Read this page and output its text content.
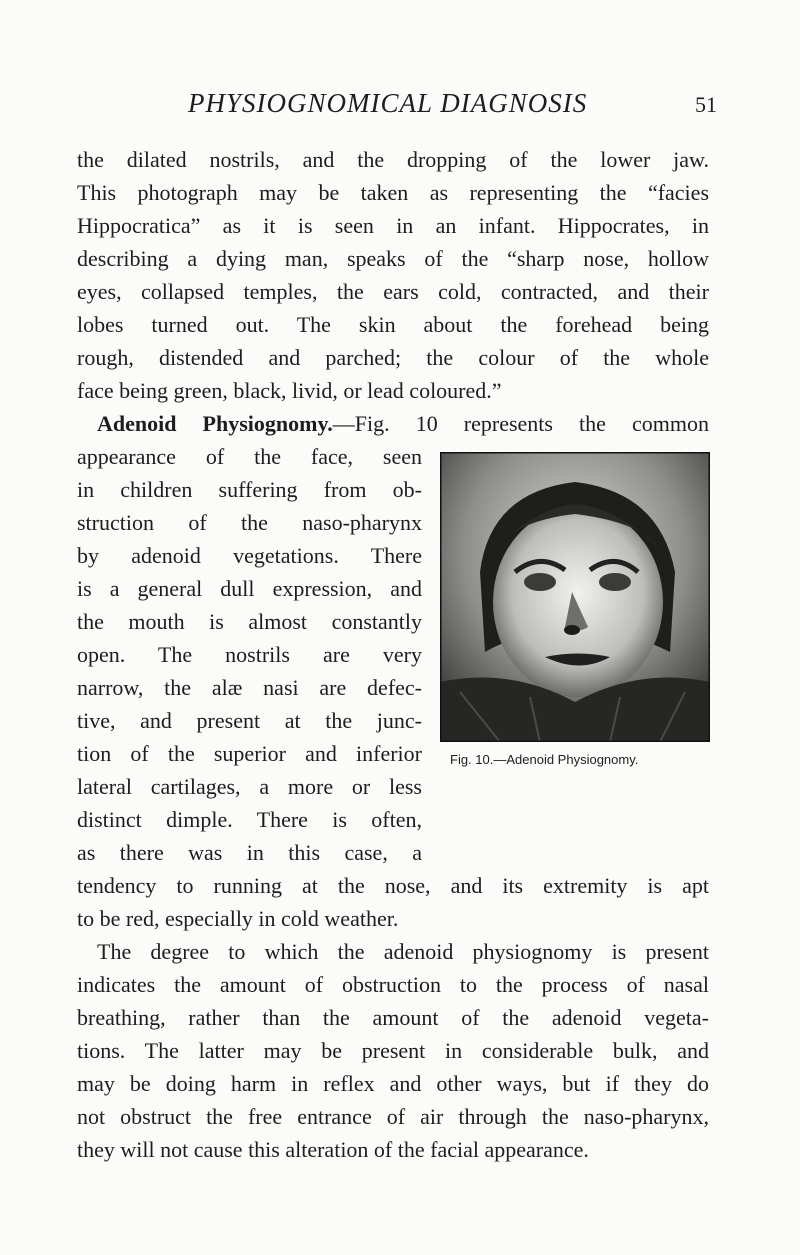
PHYSIOGNOMICAL DIAGNOSIS	51
the dilated nostrils, and the dropping of the lower jaw.
This photograph may be taken as representing the “facies
Hippocratica” as it is seen in an infant. Hippocrates, in
describing a dying man, speaks of the “sharp nose, hollow
eyes, collapsed temples, the ears cold, contracted, and their
lobes turned out. The skin about the forehead being
rough, distended and parched; the colour of the whole
face being green, black, livid, or lead coloured.”
Adenoid Physiognomy.—Fig. 10 represents the common
appearance of the face, seen
in children suffering from ob-
struction of the naso-pharynx
by adenoid vegetations. There
is a general dull expression, and
the mouth is almost constantly
open. The nostrils are very
narrow, the alæ nasi are defec-
tive, and present at the junc-
tion of the superior and inferior
lateral cartilages, a more or less
distinct dimple. There is often,
as there was in this case, a
Fig. 10.—Adenoid Physiognomy.
tendency to running at the nose, and its extremity is apt
to be red, especially in cold weather.
The degree to which the adenoid physiognomy is present
indicates the amount of obstruction to the process of nasal
breathing, rather than the amount of the adenoid vegeta-
tions. The latter may be present in considerable bulk, and
may be doing harm in reflex and other ways, but if they do
not obstruct the free entrance of air through the naso-pharynx,
they will not cause this alteration of the facial appearance.
